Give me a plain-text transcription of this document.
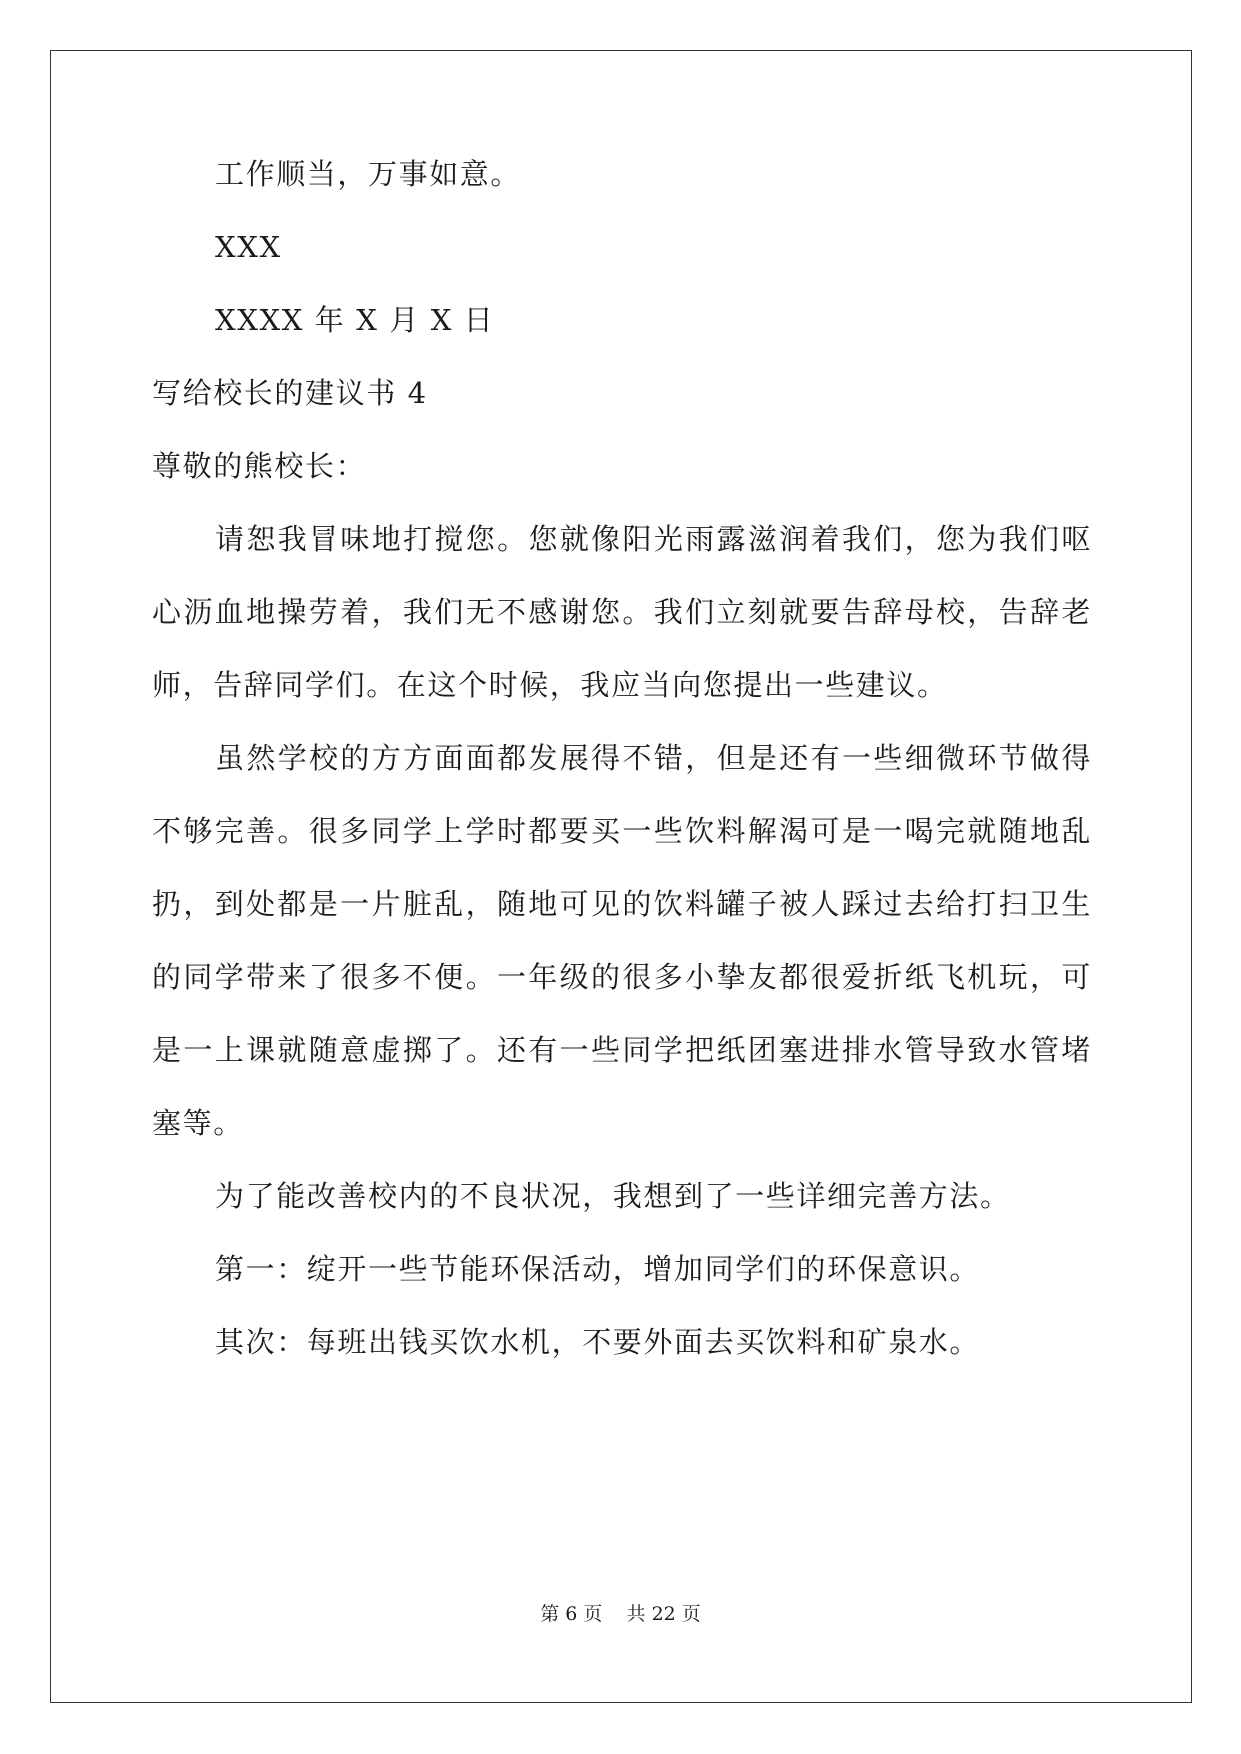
工作顺当，万事如意。
XXX
XXXX 年 X 月 X 日
写给校长的建议书 4
尊敬的熊校长：
请恕我冒味地打搅您。您就像阳光雨露滋润着我们，您为我们呕
心沥血地操劳着，我们无不感谢您。我们立刻就要告辞母校，告辞老
师，告辞同学们。在这个时候，我应当向您提出一些建议。
虽然学校的方方面面都发展得不错，但是还有一些细微环节做得
不够完善。很多同学上学时都要买一些饮料解渴可是一喝完就随地乱
扔，到处都是一片脏乱，随地可见的饮料罐子被人踩过去给打扫卫生
的同学带来了很多不便。一年级的很多小挚友都很爱折纸飞机玩，可
是一上课就随意虚掷了。还有一些同学把纸团塞进排水管导致水管堵
塞等。
为了能改善校内的不良状况，我想到了一些详细完善方法。
第一：绽开一些节能环保活动，增加同学们的环保意识。
其次：每班出钱买饮水机，不要外面去买饮料和矿泉水。
第 6 页    共 22 页
